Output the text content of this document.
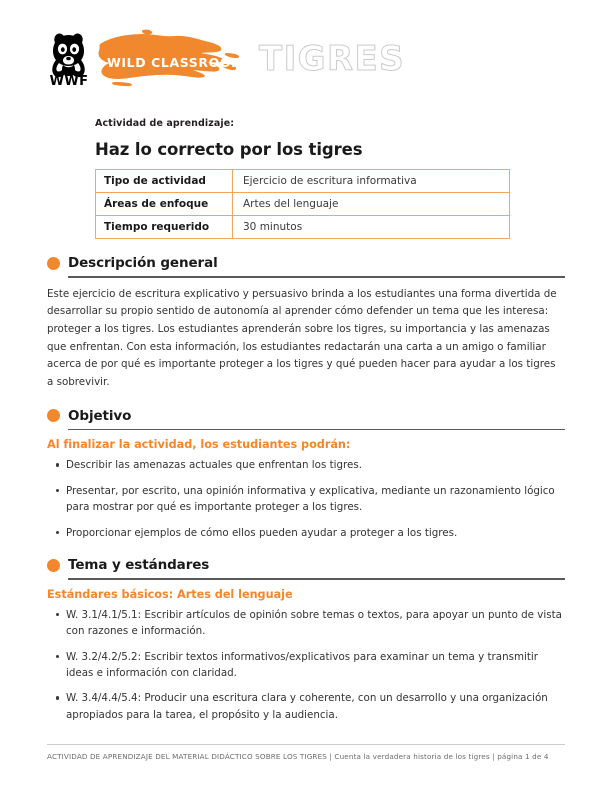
WWF
WILD CLASSROOM TIGRES
Actividad de aprendizaje:
Haz lo correcto por los tigres
Tipo de actividad	Ejercicio de escritura informativa
Áreas de enfoque	Artes del lenguaje
Tiempo requerido	30 minutos
Descripción general

Este ejercicio de escritura explicativo y persuasivo brinda a los estudiantes una forma divertida de desarrollar su propio sentido de autonomía al aprender cómo defender un tema que les interesa: proteger a los tigres. Los estudiantes aprenderán sobre los tigres, su importancia y las amenazas que enfrentan. Con esta información, los estudiantes redactarán una carta a un amigo o familiar acerca de por qué es importante proteger a los tigres y qué pueden hacer para ayudar a los tigres a sobrevivir.

Objetivo
Al finalizar la actividad, los estudiantes podrán:
Describir las amenazas actuales que enfrentan los tigres.
Presentar, por escrito, una opinión informativa y explicativa, mediante un razonamiento lógico para mostrar por qué es importante proteger a los tigres.
Proporcionar ejemplos de cómo ellos pueden ayudar a proteger a los tigres.
Tema y estándares
Estándares básicos: Artes del lenguaje
W. 3.1/4.1/5.1: Escribir artículos de opinión sobre temas o textos, para apoyar un punto de vista con razones e información.
W. 3.2/4.2/5.2: Escribir textos informativos/explicativos para examinar un tema y transmitir ideas e información con claridad.
W. 3.4/4.4/5.4: Producir una escritura clara y coherente, con un desarrollo y una organización apropiados para la tarea, el propósito y la audiencia.
ACTIVIDAD DE APRENDIZAJE DEL MATERIAL DIDÁCTICO SOBRE LOS TIGRES | Cuenta la verdadera historia de los tigres | página 1 de 4
